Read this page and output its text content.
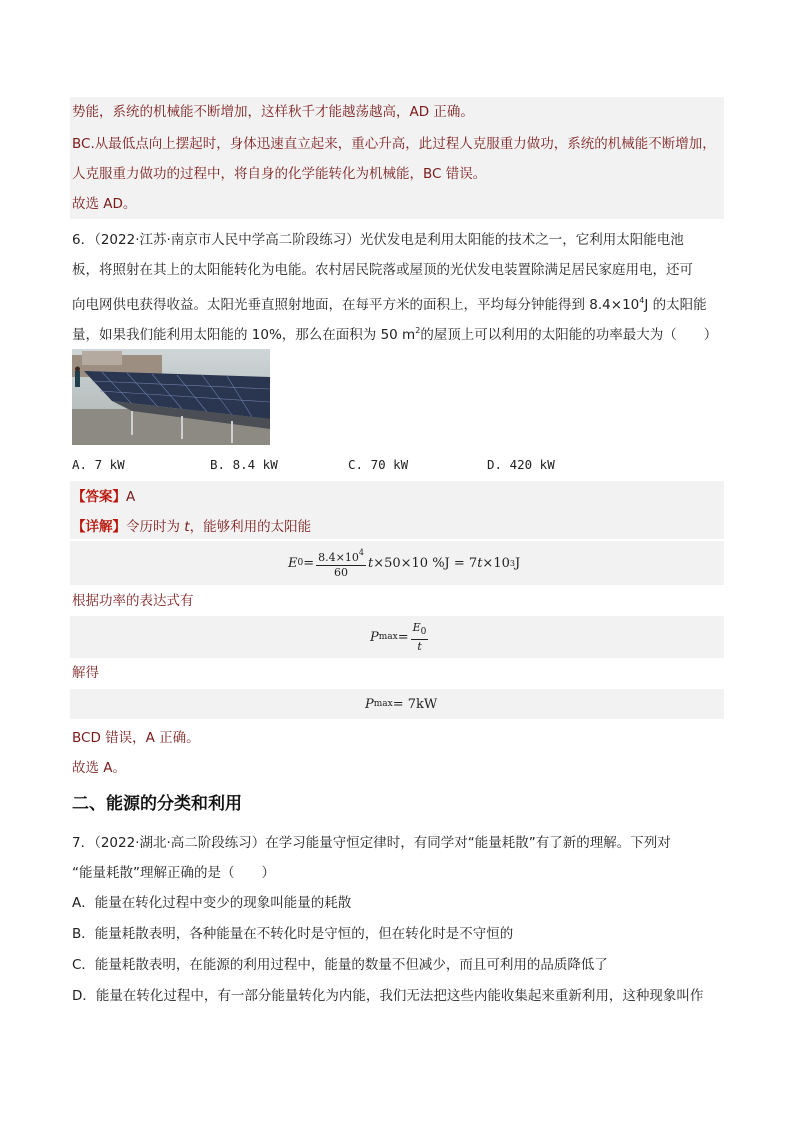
势能，系统的机械能不断增加，这样秋千才能越荡越高，AD 正确。
BC.从最低点向上摆起时，身体迅速直立起来，重心升高，此过程人克服重力做功，系统的机械能不断增加，
人克服重力做功的过程中，将自身的化学能转化为机械能，BC 错误。
故选 AD。
6．（2022·江苏·南京市人民中学高二阶段练习）光伏发电是利用太阳能的技术之一，它利用太阳能电池
板，将照射在其上的太阳能转化为电能。农村居民院落或屋顶的光伏发电装置除满足居民家庭用电，还可
向电网供电获得收益。太阳光垂直照射地面，在每平方米的面积上，平均每分钟能得到 $8.4\times 10^4J$ 的太阳能
量，如果我们能利用太阳能的 10%，那么在面积为 50 $m^2$的屋顶上可以利用的太阳能的功率最大为（　　）
A. 7 kW	B. 8.4 kW	C. 70 kW	D. 420 kW
【答案】A
【详解】令历时为 t，能够利用的太阳能
E $0 = \frac{8.4\times 10^4}{60}$ t ×50×10 %J = 7 t ×10 3 J
根据功率的表达式有
P $\max = \frac{E_0}{t}$
解得
P max = 7kW
BCD 错误，A 正确。
故选 A。
二、能源的分类和利用
7．（2022·湖北·高二阶段练习）在学习能量守恒定律时，有同学对“能量耗散”有了新的理解。下列对
“能量耗散”理解正确的是（　　）
A．能量在转化过程中变少的现象叫能量的耗散
B．能量耗散表明，各种能量在不转化时是守恒的，但在转化时是不守恒的
C．能量耗散表明，在能源的利用过程中，能量的数量不但减少，而且可利用的品质降低了
D．能量在转化过程中，有一部分能量转化为内能，我们无法把这些内能收集起来重新利用，这种现象叫作
